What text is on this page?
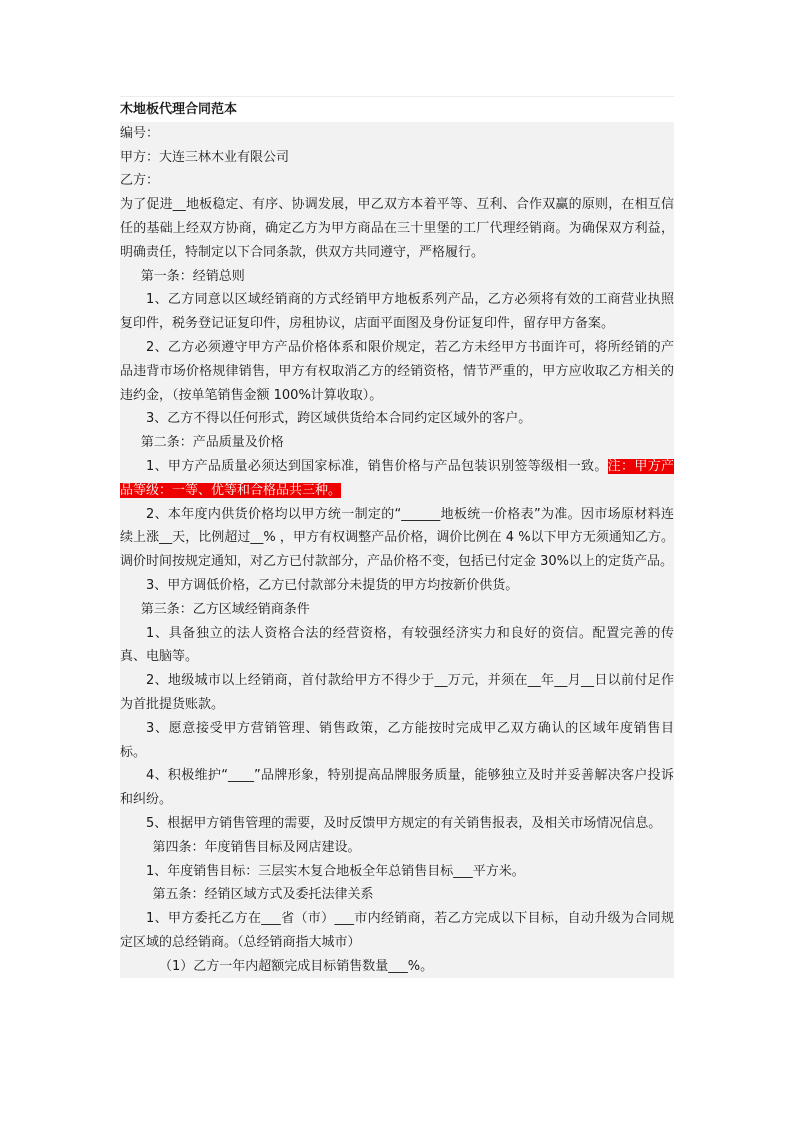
木地板代理合同范本

编号：

甲方：大连三林木业有限公司

乙方：

为了促进__地板稳定、有序、协调发展，甲乙双方本着平等、互利、合作双赢的原则，在相互信任的基础上经双方协商，确定乙方为甲方商品在三十里堡的工厂代理经销商。为确保双方利益，明确责任，特制定以下合同条款，供双方共同遵守，严格履行。

第一条：经销总则

1、乙方同意以区域经销商的方式经销甲方地板系列产品，乙方必须将有效的工商营业执照复印件，税务登记证复印件，房租协议，店面平面图及身份证复印件，留存甲方备案。

2、乙方必须遵守甲方产品价格体系和限价规定，若乙方未经甲方书面许可，将所经销的产品违背市场价格规律销售，甲方有权取消乙方的经销资格，情节严重的，甲方应收取乙方相关的违约金，（按单笔销售金额 100%计算收取）。

3、乙方不得以任何形式，跨区域供货给本合同约定区域外的客户。

第二条：产品质量及价格

1、甲方产品质量必须达到国家标准，销售价格与产品包装识别签等级相一致。注：甲方产品等级：一等、优等和合格品共三种。

2、本年度内供货价格均以甲方统一制定的“______地板统一价格表”为准。因市场原材料连续上涨__天，比例超过__% ，甲方有权调整产品价格，调价比例在 4 %以下甲方无须通知乙方。调价时间按规定通知，对乙方已付款部分，产品价格不变，包括已付定金 30%以上的定货产品。

3、甲方调低价格，乙方已付款部分未提货的甲方均按新价供货。

第三条：乙方区域经销商条件

1、具备独立的法人资格合法的经营资格，有较强经济实力和良好的资信。配置完善的传真、电脑等。

2、地级城市以上经销商，首付款给甲方不得少于__万元，并须在__年__月__日以前付足作为首批提货账款。

3、愿意接受甲方营销管理、销售政策，乙方能按时完成甲乙双方确认的区域年度销售目标。

4、积极维护“____”品牌形象，特别提高品牌服务质量，能够独立及时并妥善解决客户投诉和纠纷。

5、根据甲方销售管理的需要，及时反馈甲方规定的有关销售报表，及相关市场情况信息。

第四条：年度销售目标及网店建设。

1、年度销售目标：三层实木复合地板全年总销售目标___平方米。

第五条：经销区域方式及委托法律关系

1、甲方委托乙方在___省（市）___市内经销商，若乙方完成以下目标，自动升级为合同规定区域的总经销商。（总经销商指大城市）

（1）乙方一年内超额完成目标销售数量___%。
